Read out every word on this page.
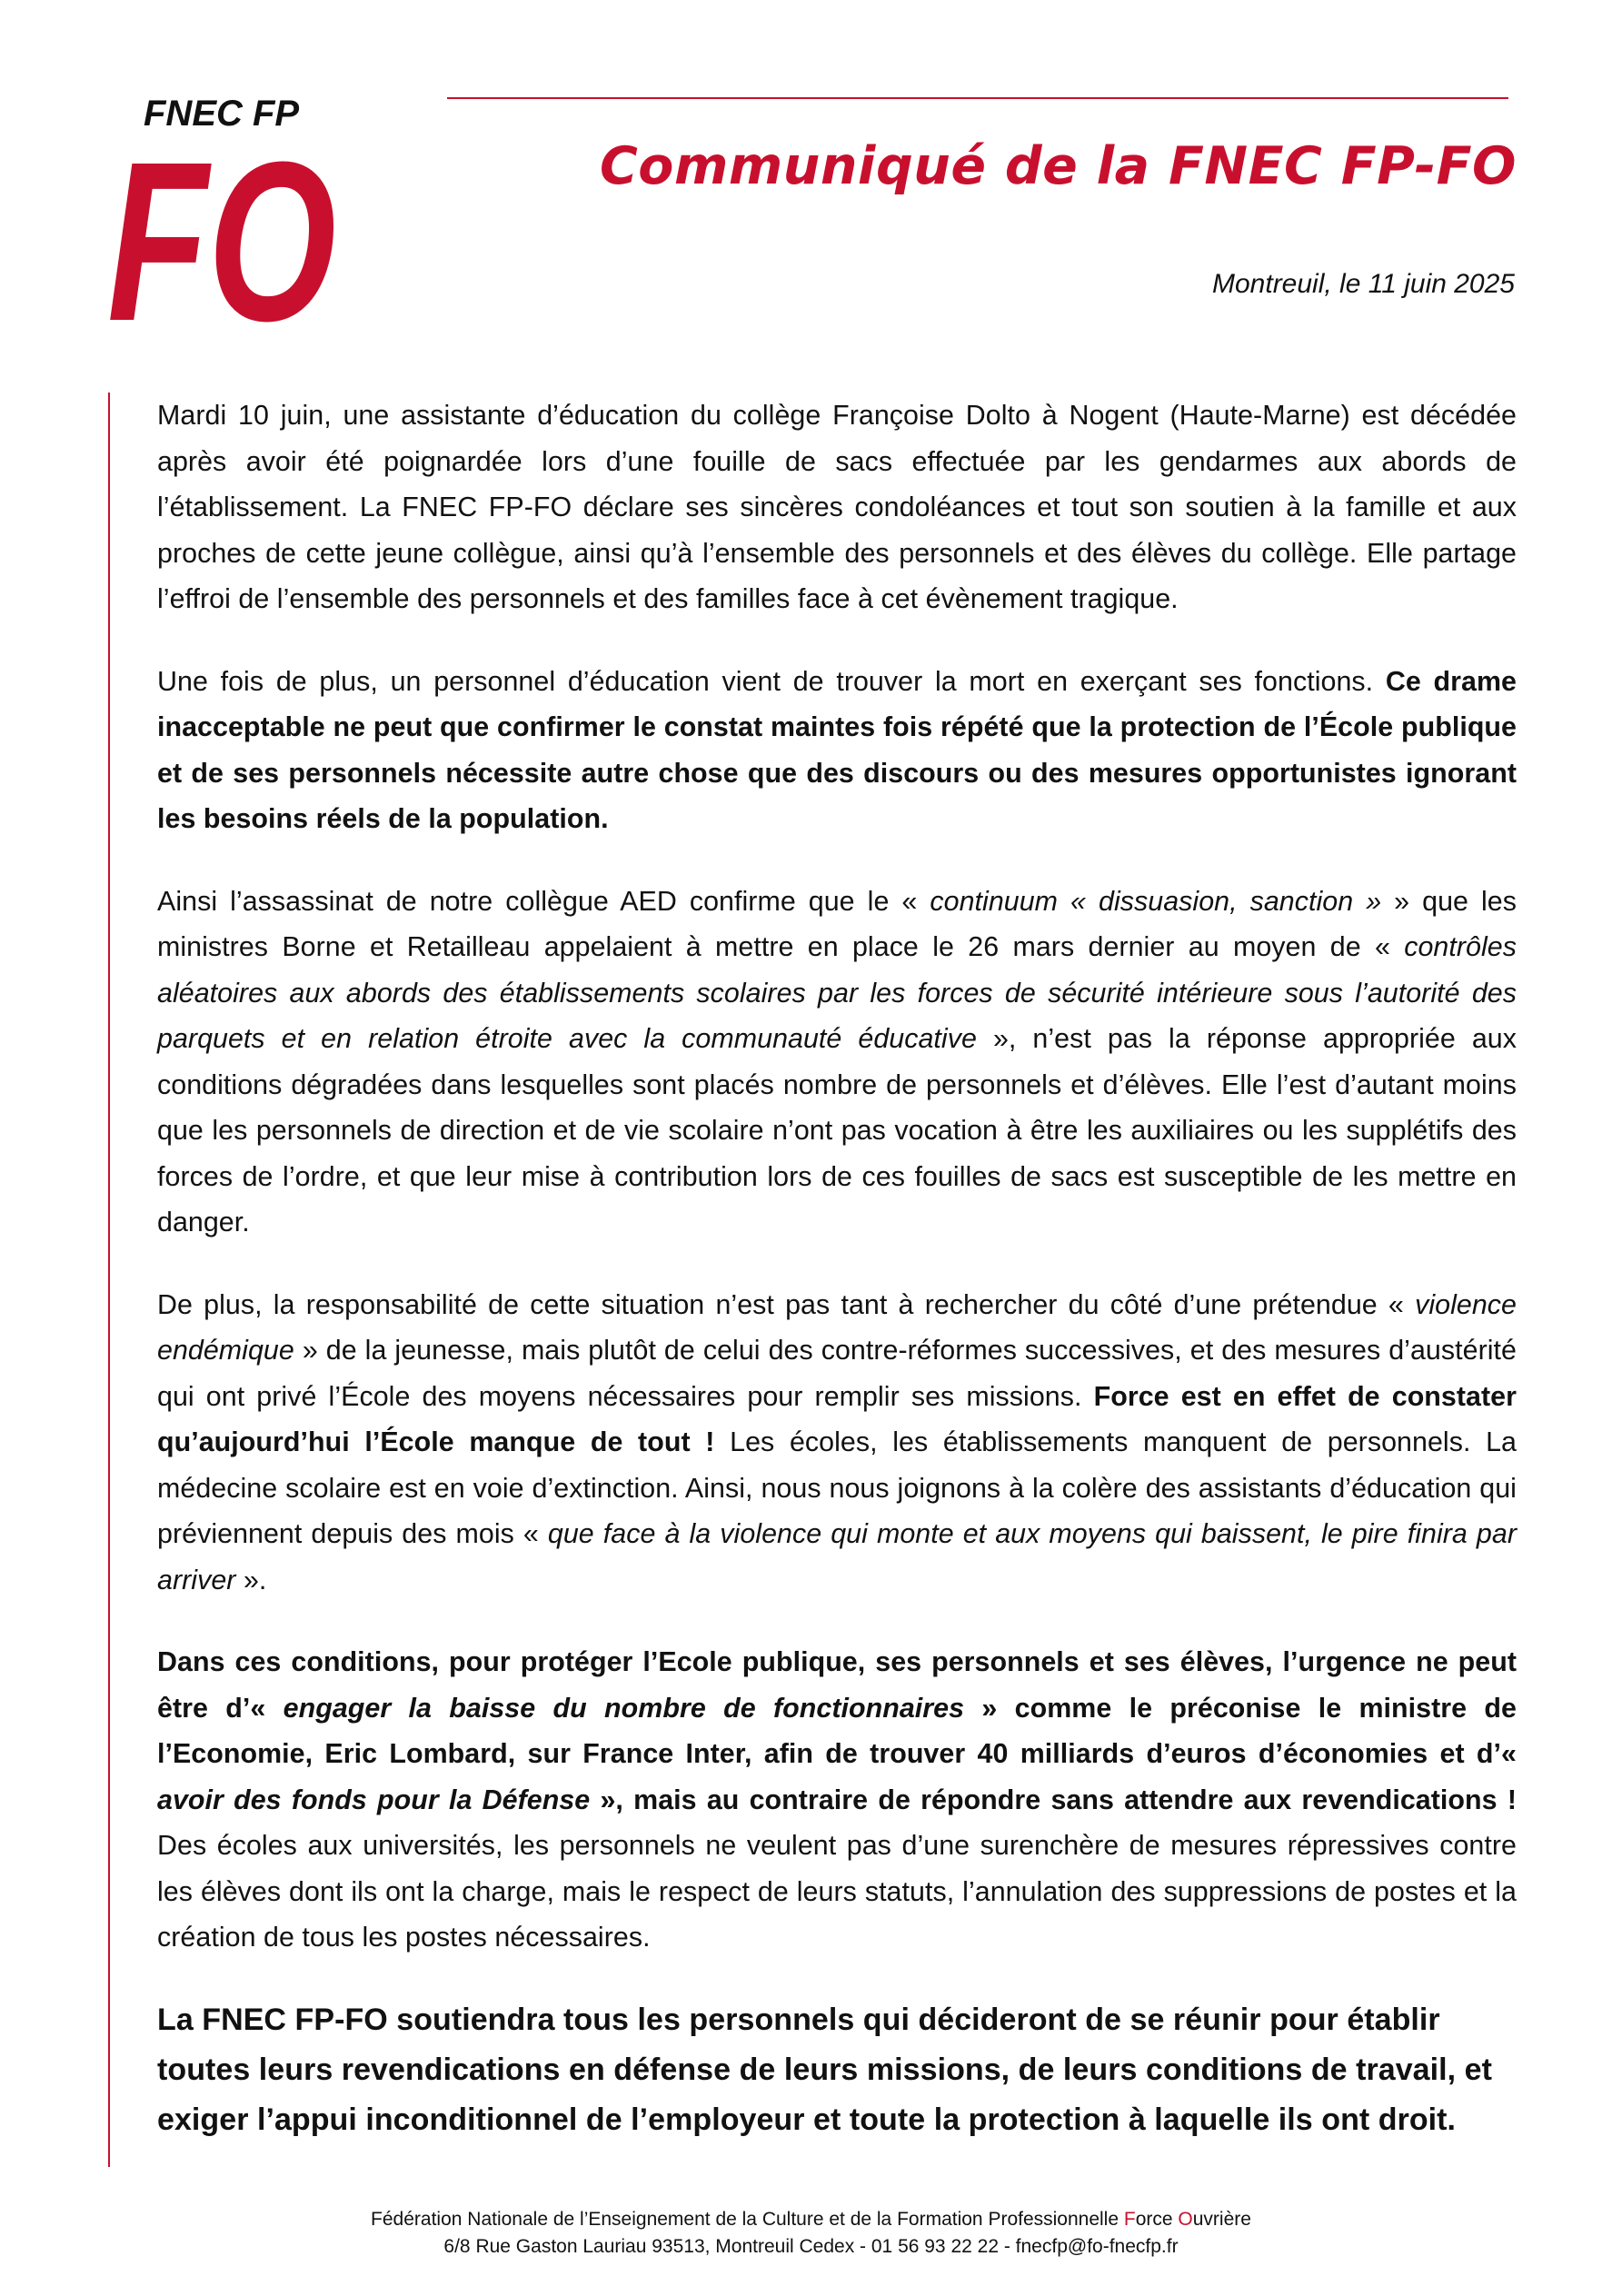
FNEC FP
FO	Communiqué de la FNEC FP-FO
Montreuil, le 11 juin 2025

Mardi 10 juin, une assistante d’éducation du collège Françoise Dolto à Nogent (Haute-Marne) est décédée après avoir été poignardée lors d’une fouille de sacs effectuée par les gendarmes aux abords de l’établissement. La FNEC FP-FO déclare ses sincères condoléances et tout son soutien à la famille et aux proches de cette jeune collègue, ainsi qu’à l’ensemble des personnels et des élèves du collège. Elle partage l’effroi de l’ensemble des personnels et des familles face à cet évènement tragique.

Une fois de plus, un personnel d’éducation vient de trouver la mort en exerçant ses fonctions. Ce drame inacceptable ne peut que confirmer le constat maintes fois répété que la protection de l’École publique et de ses personnels nécessite autre chose que des discours ou des mesures opportunistes ignorant les besoins réels de la population.

Ainsi l’assassinat de notre collègue AED confirme que le « continuum « dissuasion, sanction » » que les ministres Borne et Retailleau appelaient à mettre en place le 26 mars dernier au moyen de « contrôles aléatoires aux abords des établissements scolaires par les forces de sécurité intérieure sous l’autorité des parquets et en relation étroite avec la communauté éducative », n’est pas la réponse appropriée aux conditions dégradées dans lesquelles sont placés nombre de personnels et d’élèves. Elle l’est d’autant moins que les personnels de direction et de vie scolaire n’ont pas vocation à être les auxiliaires ou les supplétifs des forces de l’ordre, et que leur mise à contribution lors de ces fouilles de sacs est susceptible de les mettre en danger.

De plus, la responsabilité de cette situation n’est pas tant à rechercher du côté d’une prétendue « violence endémique » de la jeunesse, mais plutôt de celui des contre-réformes successives, et des mesures d’austérité qui ont privé l’École des moyens nécessaires pour remplir ses missions. Force est en effet de constater qu’aujourd’hui l’École manque de tout ! Les écoles, les établissements manquent de personnels. La médecine scolaire est en voie d’extinction. Ainsi, nous nous joignons à la colère des assistants d’éducation qui préviennent depuis des mois « que face à la violence qui monte et aux moyens qui baissent, le pire finira par arriver ».

Dans ces conditions, pour protéger l’Ecole publique, ses personnels et ses élèves, l’urgence ne peut être d’« engager la baisse du nombre de fonctionnaires » comme le préconise le ministre de l’Economie, Eric Lombard, sur France Inter, afin de trouver 40 milliards d’euros d’économies et d’« avoir des fonds pour la Défense », mais au contraire de répondre sans attendre aux revendications ! Des écoles aux universités, les personnels ne veulent pas d’une surenchère de mesures répressives contre les élèves dont ils ont la charge, mais le respect de leurs statuts, l’annulation des suppressions de postes et la création de tous les postes nécessaires.

La FNEC FP-FO soutiendra tous les personnels qui décideront de se réunir pour établir toutes leurs revendications en défense de leurs missions, de leurs conditions de travail, et exiger l’appui inconditionnel de l’employeur et toute la protection à laquelle ils ont droit.

Fédération Nationale de l’Enseignement de la Culture et de la Formation Professionnelle Force Ouvrière
6/8 Rue Gaston Lauriau 93513, Montreuil Cedex - 01 56 93 22 22 - fnecfp@fo-fnecfp.fr
